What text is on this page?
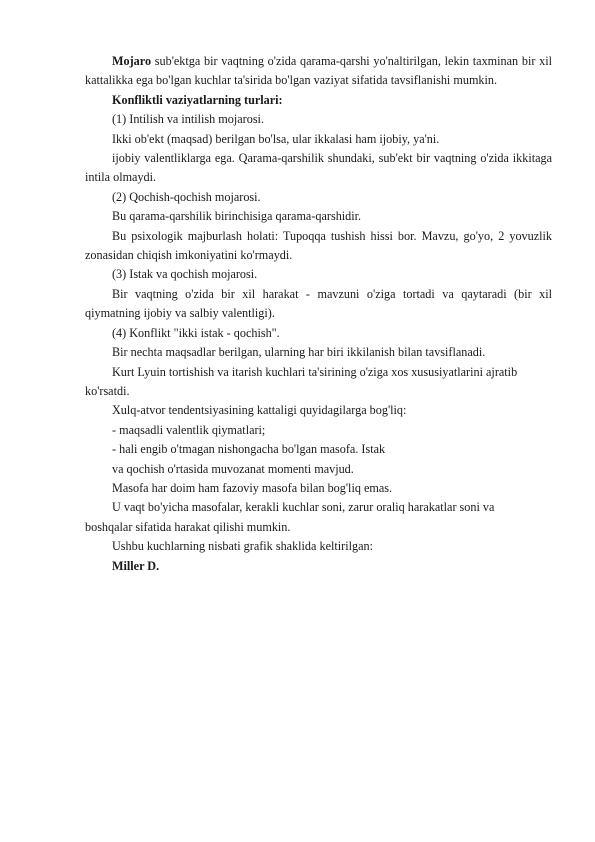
Mojaro sub'ektga bir vaqtning o'zida qarama-qarshi yo'naltirilgan, lekin taxminan bir xil kattalikka ega bo'lgan kuchlar ta'sirida bo'lgan vaziyat sifatida tavsiflanishi mumkin.

Konfliktli vaziyatlarning turlari:

(1) Intilish va intilish mojarosi.

Ikki ob'ekt (maqsad) berilgan bo'lsa, ular ikkalasi ham ijobiy, ya'ni.

ijobiy valentliklarga ega. Qarama-qarshilik shundaki, sub'ekt bir vaqtning o'zida ikkitaga intila olmaydi.

(2) Qochish-qochish mojarosi.

Bu qarama-qarshilik birinchisiga qarama-qarshidir.

Bu psixologik majburlash holati: Tupoqqa tushish hissi bor. Mavzu, go'yo, 2 yovuzlik zonasidan chiqish imkoniyatini ko'rmaydi.

(3) Istak va qochish mojarosi.

Bir vaqtning o'zida bir xil harakat - mavzuni o'ziga tortadi va qaytaradi (bir xil qiymatning ijobiy va salbiy valentligi).

(4) Konflikt "ikki istak - qochish".

Bir nechta maqsadlar berilgan, ularning har biri ikkilanish bilan tavsiflanadi.

Kurt Lyuin tortishish va itarish kuchlari ta'sirining o'ziga xos xususiyatlarini ajratib ko'rsatdi.

Xulq-atvor tendentsiyasining kattaligi quyidagilarga bog'liq:

- maqsadli valentlik qiymatlari;

- hali engib o'tmagan nishongacha bo'lgan masofa. Istak

va qochish o'rtasida muvozanat momenti mavjud.

Masofa har doim ham fazoviy masofa bilan bog'liq emas.

U vaqt bo'yicha masofalar, kerakli kuchlar soni, zarur oraliq harakatlar soni va boshqalar sifatida harakat qilishi mumkin.

Ushbu kuchlarning nisbati grafik shaklida keltirilgan:

Miller D.
